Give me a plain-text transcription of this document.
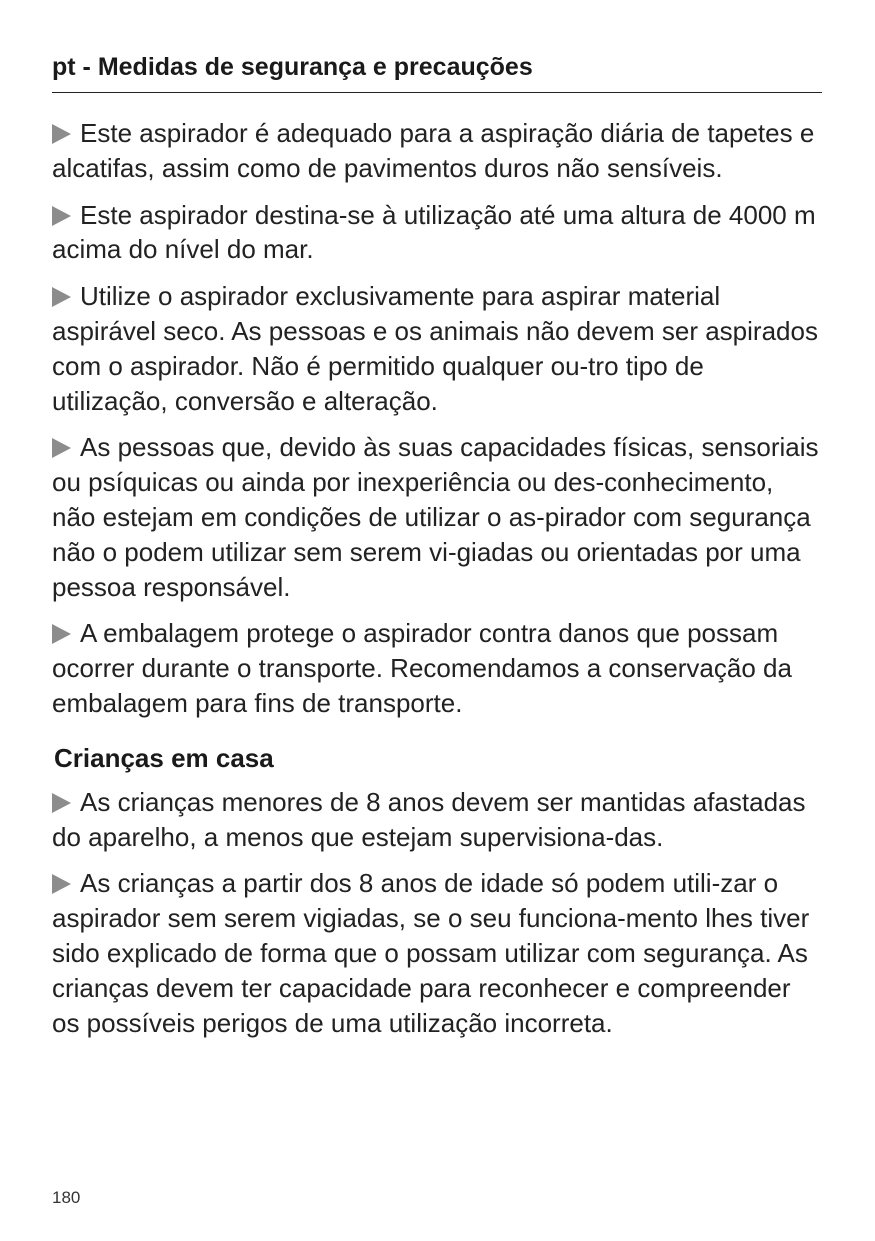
pt - Medidas de segurança e precauções

Este aspirador é adequado para a aspiração diária de tapetes e alcatifas, assim como de pavimentos duros não sensíveis.

Este aspirador destina-se à utilização até uma altura de 4000 m acima do nível do mar.

Utilize o aspirador exclusivamente para aspirar material aspirável seco. As pessoas e os animais não devem ser aspirados com o aspirador. Não é permitido qualquer ou-tro tipo de utilização, conversão e alteração.

As pessoas que, devido às suas capacidades físicas, sensoriais ou psíquicas ou ainda por inexperiência ou des-conhecimento, não estejam em condições de utilizar o as-pirador com segurança não o podem utilizar sem serem vi-giadas ou orientadas por uma pessoa responsável.

A embalagem protege o aspirador contra danos que possam ocorrer durante o transporte. Recomendamos a conservação da embalagem para fins de transporte.

Crianças em casa

As crianças menores de 8 anos devem ser mantidas afastadas do aparelho, a menos que estejam supervisiona-das.

As crianças a partir dos 8 anos de idade só podem utili-zar o aspirador sem serem vigiadas, se o seu funciona-mento lhes tiver sido explicado de forma que o possam utilizar com segurança. As crianças devem ter capacidade para reconhecer e compreender os possíveis perigos de uma utilização incorreta.

180
